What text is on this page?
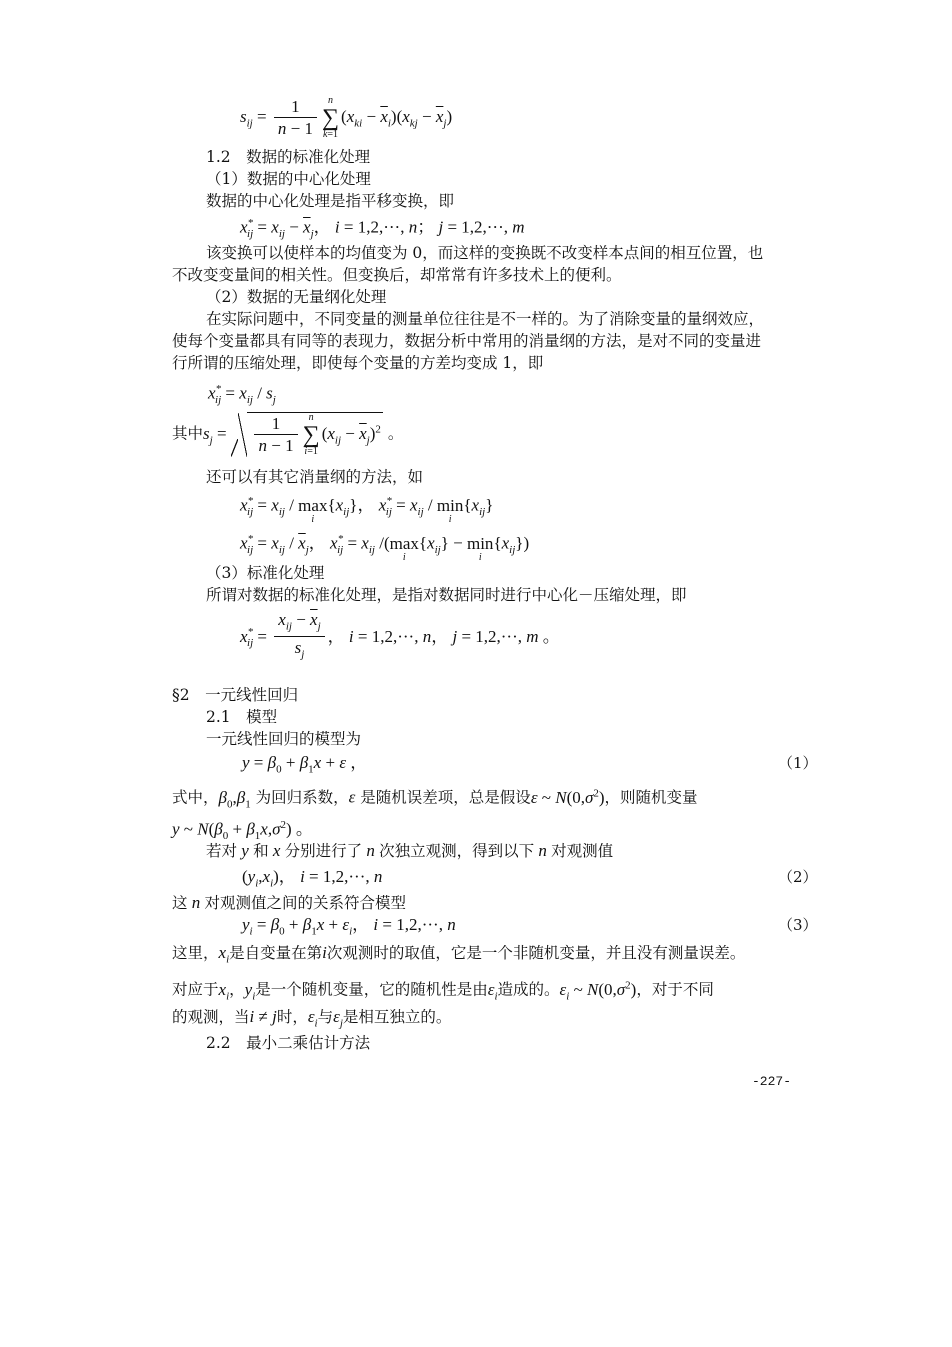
$s_{ij} = \frac{1}{n - 1}$	n
∑
k=1
$(x_{ki} - \overline{x}_i)(x_{kj} - \overline{x}_j)$
1.2　数据的标准化处理
（1）数据的中心化处理
数据的中心化处理是指平移变换，即
$x^*_{ij} = x_{ij} - \overline{x}_j$， i = 1,2,···, n； j = 1,2,···, m
该变换可以使样本的均值变为 0，而这样的变换既不改变样本点间的相互位置，也
不改变变量间的相关性。但变换后，却常常有许多技术上的便利。
（2）数据的无量纲化处理
在实际问题中，不同变量的测量单位往往是不一样的。为了消除变量的量纲效应，
使每个变量都具有同等的表现力，数据分析中常用的消量纲的方法，是对不同的变量进
行所谓的压缩处理，即使每个变量的方差均变成 1，即
$x^*_{ij} = x_{ij} / s_j$
其中$s_j = \frac{1}{n - 1}$	n
∑
i=1
$(x_{ij} - \overline{x}_j)^2$ 。
还可以有其它消量纲的方法，如
$x^*_{ij} = x_{ij} / \max$
i
$\{x_{ij}\}$， $x^*_{ij} = x_{ij} / \min$
i
$\{x_{ij}\}$
$x^*_{ij} = x_{ij} / \overline{x}_j$， $x^*_{ij} = x_{ij}$ /(max
i
$\{x_{ij}\} - \min$
i
$\{x_{ij}\}$)
（3）标准化处理
所谓对数据的标准化处理，是指对数据同时进行中心化－压缩处理，即
$x^*_{ij} = \frac{x_{ij} - \overline{x}_j}{s_j}$ ， i = 1,2,···, n， j = 1,2,···, m 。
§2　一元线性回归
2.1　模型
一元线性回归的模型为
$y = \beta_0 + \beta_1x + \varepsilon$ ，	（1）
式中，$\beta_0,\beta_1$ 为回归系数，ε 是随机误差项，总是假设ε ~ $N(0,\sigma^2)$，则随机变量
y ~ $N(\beta_0 + \beta_1x,\sigma^2)$ 。
若对 y 和 x 分别进行了 n 次独立观测，得到以下 n 对观测值
$(y_i,x_i)$， i = 1,2,···, n	（2）
这 n 对观测值之间的关系符合模型
$y_i = \beta_0 + \beta_1x + \varepsilon_i$， i = 1,2,···, n	（3）
这里，$x_i$是自变量在第i次观测时的取值，它是一个非随机变量，并且没有测量误差。
对应于$x_i$，$y_i$是一个随机变量，它的随机性是由$\varepsilon_i$造成的。$\varepsilon_i$ ~ $N(0,\sigma^2)$，对于不同
的观测，当i ≠ j时，$\varepsilon_i$与$\varepsilon_j$是相互独立的。
2.2　最小二乘估计方法
-227-
